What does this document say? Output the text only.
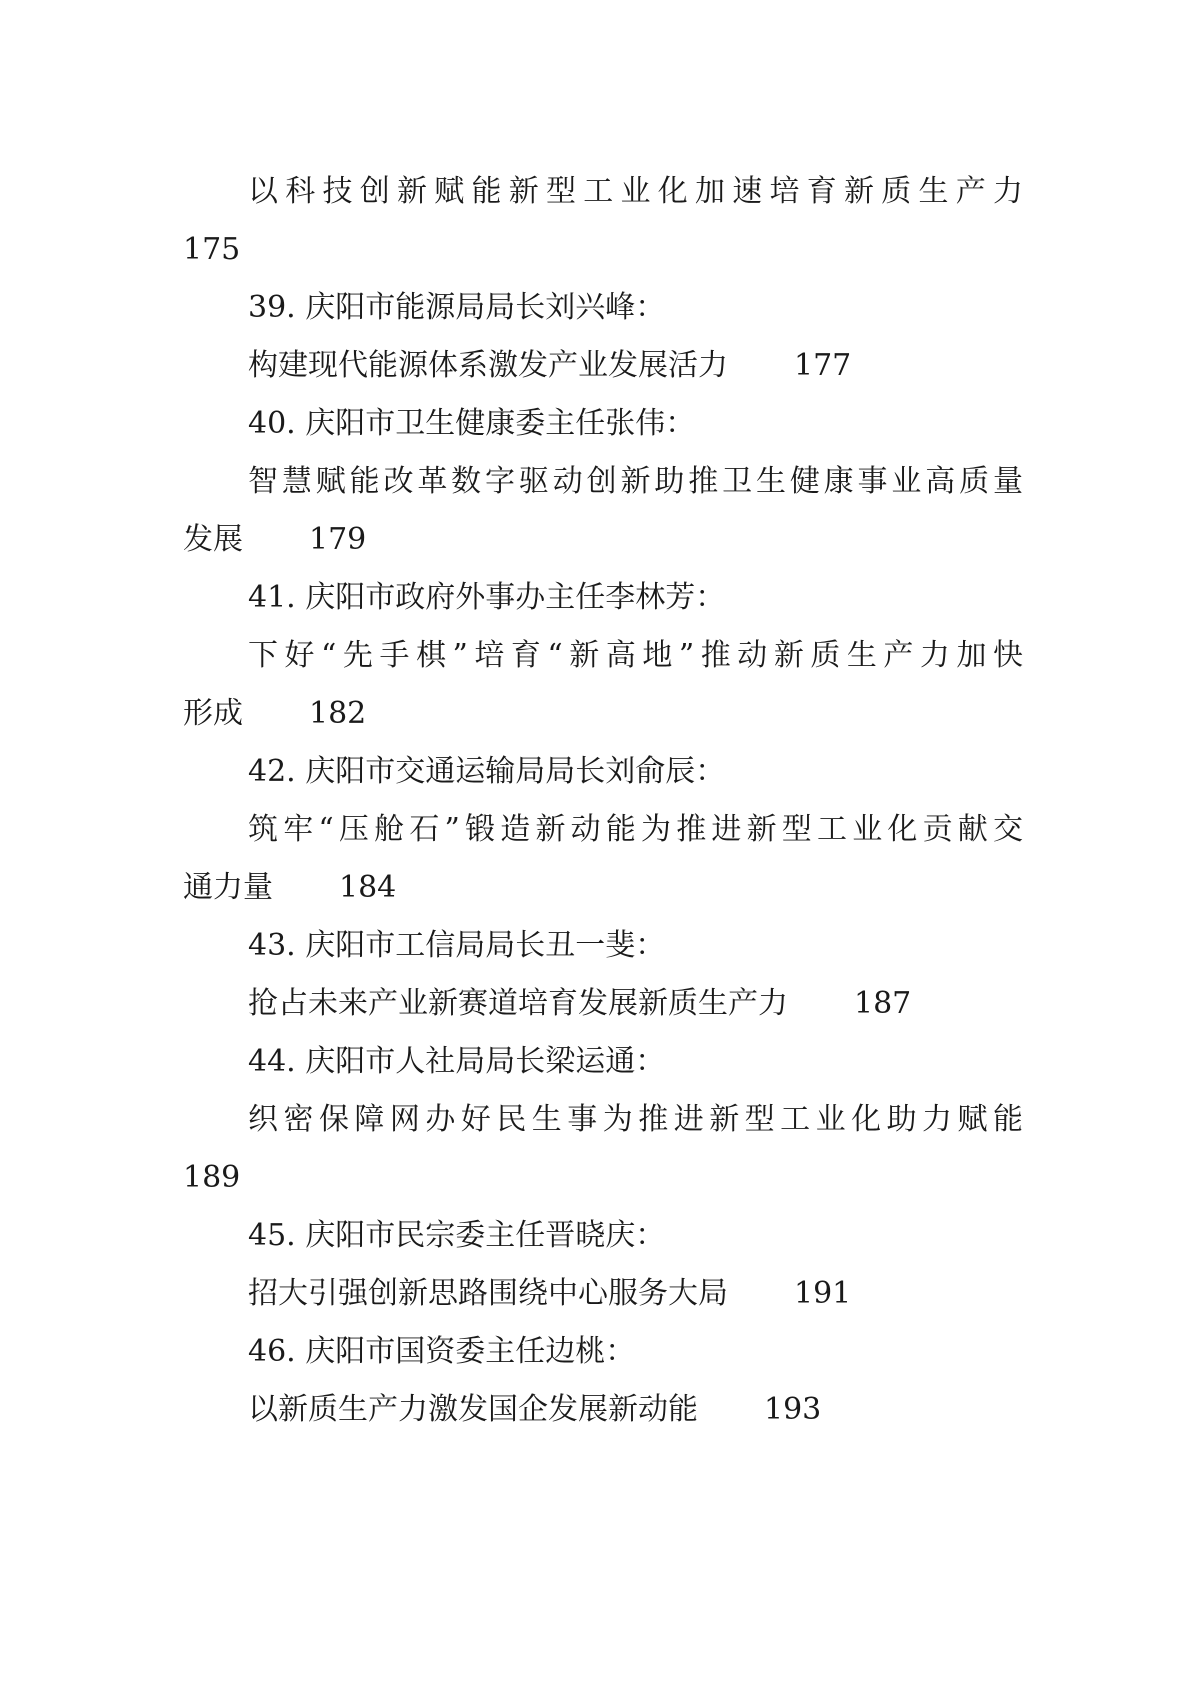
以科技创新赋能新型工业化加速培育新质生产力
175
39. 庆阳市能源局局长刘兴峰：
构建现代能源体系激发产业发展活力 177
40. 庆阳市卫生健康委主任张伟：
智慧赋能改革数字驱动创新助推卫生健康事业高质量
发展 179
41. 庆阳市政府外事办主任李林芳：
下好“先手棋”培育“新高地”推动新质生产力加快
形成 182
42. 庆阳市交通运输局局长刘俞辰：
筑牢“压舱石”锻造新动能为推进新型工业化贡献交
通力量 184
43. 庆阳市工信局局长丑一斐：
抢占未来产业新赛道培育发展新质生产力 187
44. 庆阳市人社局局长梁运通：
织密保障网办好民生事为推进新型工业化助力赋能
189
45. 庆阳市民宗委主任晋晓庆：
招大引强创新思路围绕中心服务大局 191
46. 庆阳市国资委主任边桃：
以新质生产力激发国企发展新动能 193
